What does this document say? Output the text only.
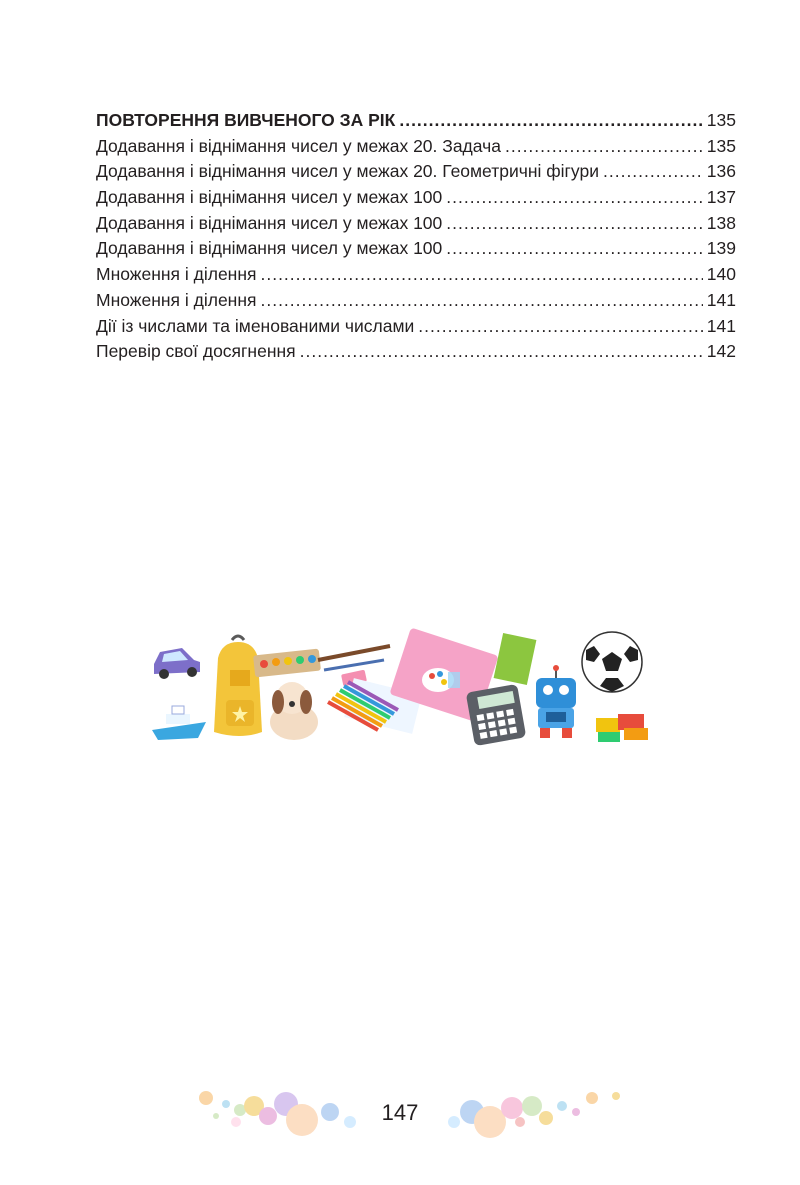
ПОВТОРЕННЯ ВИВЧЕНОГО ЗА РІК .....	135
Додавання і віднімання чисел у межах 20. Задача .....	135
Додавання і віднімання чисел у межах 20. Геометричні фігури .....	136
Додавання і віднімання чисел у межах 100 .....	137
Додавання і віднімання чисел у межах 100 .....	138
Додавання і віднімання чисел у межах 100 .....	139
Множення і ділення .....	140
Множення і ділення .....	141
Дії із числами та іменованими числами .....	141
Перевір свої досягнення .....	142
147
